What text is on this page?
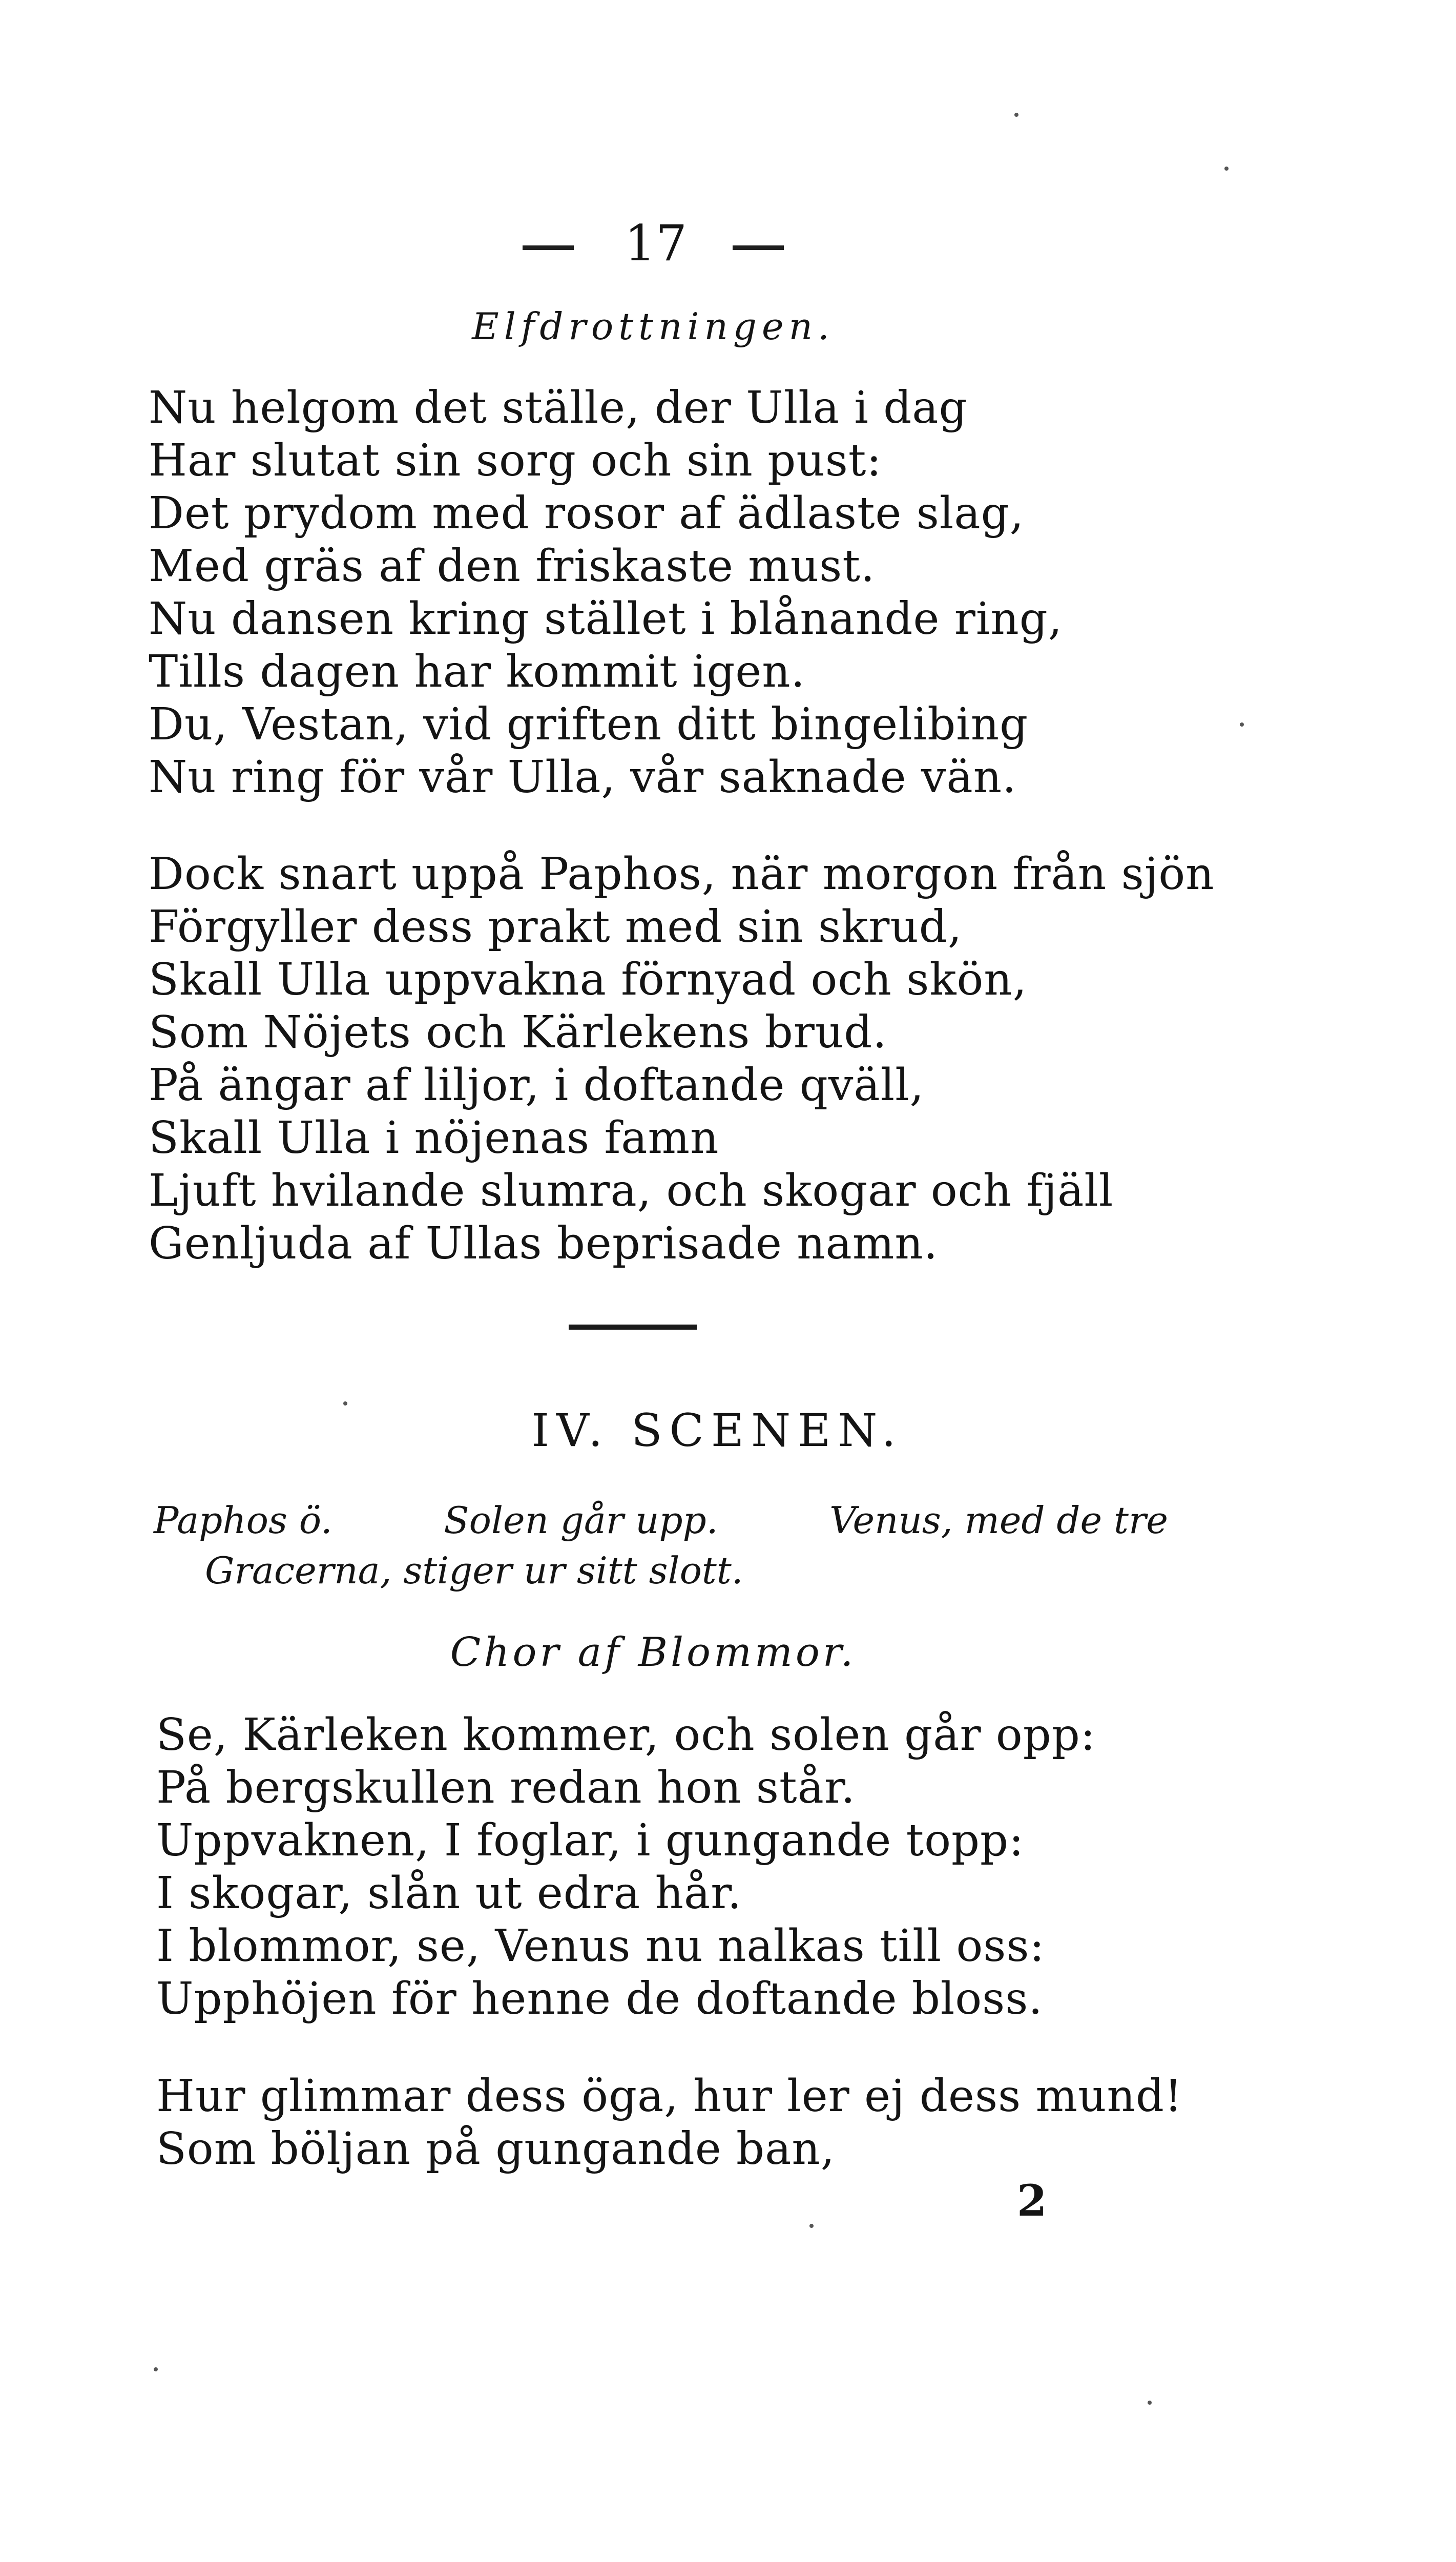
17
Elfdrottningen.
Nu helgom det ställe, der Ulla i dag
Har slutat sin sorg och sin pust:
Det prydom med rosor af ädlaste slag,
Med gräs af den friskaste must.
Nu dansen kring stället i blånande ring,
Tills dagen har kommit igen.
Du, Vestan, vid griften ditt bingelibing
Nu ring för vår Ulla, vår saknade vän.
Dock snart uppå Paphos, när morgon från sjön
Förgyller dess prakt med sin skrud,
Skall Ulla uppvakna förnyad och skön,
Som Nöjets och Kärlekens brud.
På ängar af liljor, i doftande qväll,
Skall Ulla i nöjenas famn
Ljuft hvilande slumra, och skogar och fjäll
Genljuda af Ullas beprisade namn.
IV. SCENEN.
Paphos ö.	Solen går upp.	Venus, med de tre
Gracerna, stiger ur sitt slott.
Chor af Blommor.
Se, Kärleken kommer, och solen går opp:
På bergskullen redan hon står.
Uppvaknen, I foglar, i gungande topp:
I skogar, slån ut edra hår.
I blommor, se, Venus nu nalkas till oss:
Upphöjen för henne de doftande bloss.
Hur glimmar dess öga, hur ler ej dess mund!
Som böljan på gungande ban,
2
